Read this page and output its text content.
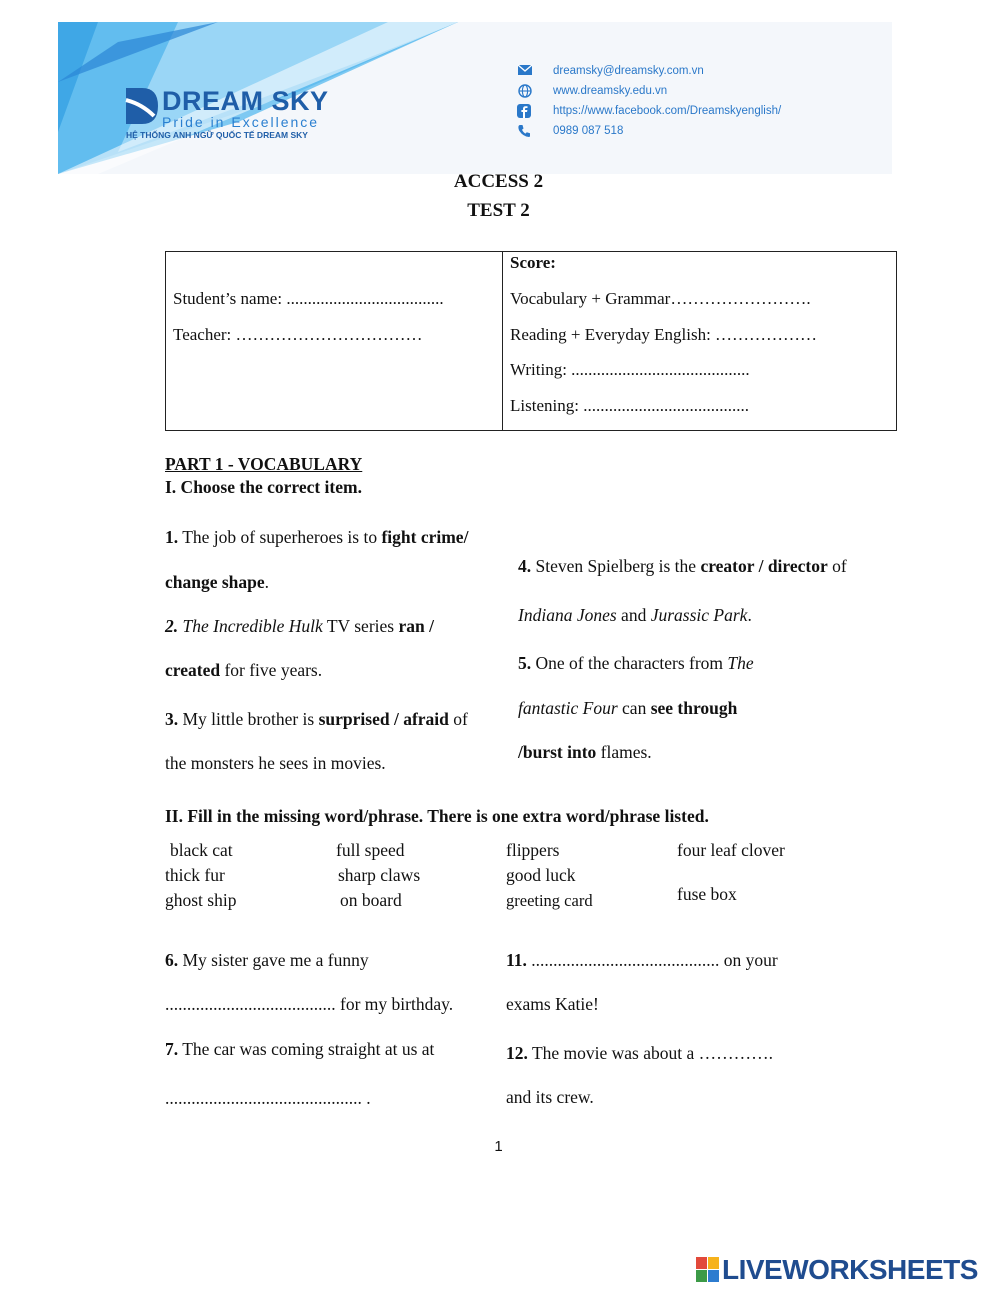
DREAM SKY
Pride in Excellence
HỆ THỐNG ANH NGỮ QUỐC TẾ DREAM SKY
dreamsky@dreamsky.com.vn
www.dreamsky.edu.vn
https://www.facebook.com/Dreamskyenglish/
0989 087 518
ACCESS 2
TEST 2
Student’s name: .....................................
Teacher: ……………………………
Score:
Vocabulary + Grammar…………………….
Reading + Everyday English: ………………
Writing: ..........................................
Listening: .......................................
PART 1 - VOCABULARY
I. Choose the correct item.
1. The job of superheroes is to fight crime/
change shape.
2. The Incredible Hulk TV series ran /
created for five years.
3. My little brother is surprised / afraid of
the monsters he sees in movies.
4. Steven Spielberg is the creator / director of
Indiana Jones and Jurassic Park.
5. One of the characters from The
fantastic Four can see through
/burst into flames.
II. Fill in the missing word/phrase. There is one extra word/phrase listed.
black cat	full speed	flippers	four leaf clover
thick fur	sharp claws	good luck
ghost ship	on board	greeting card	fuse box
6. My sister gave me a funny
....................................... for my birthday.
7. The car was coming straight at us at
............................................. .
11. ........................................... on your
exams Katie!
12. The movie was about a ………….
and its crew.
1
LIVEWORKSHEETS
